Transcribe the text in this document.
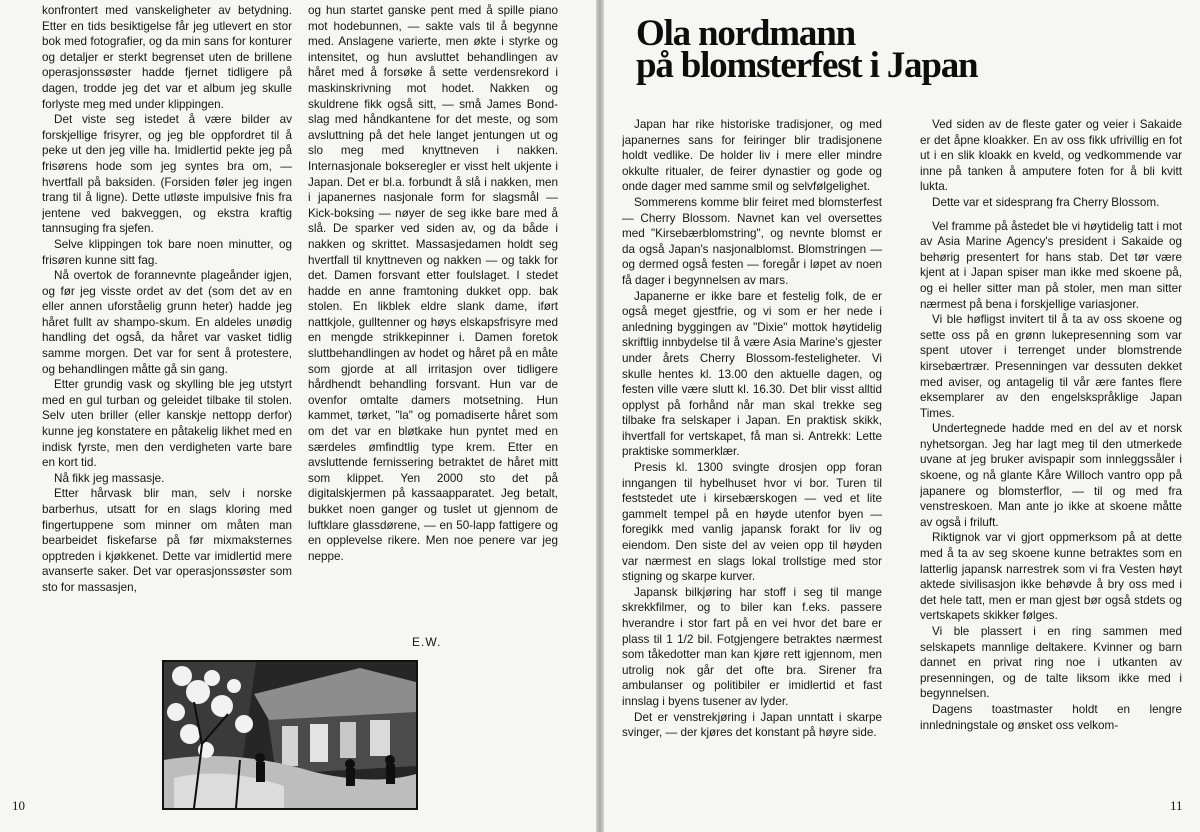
konfrontert med vanskeligheter av betydning. Etter en tids besiktigelse får jeg utlevert en stor bok med fotografier, og da min sans for konturer og detaljer er sterkt begrenset uten de brillene operasjonssøster hadde fjernet tidligere på dagen, trodde jeg det var et album jeg skulle forlyste meg med under klippingen.

Det viste seg istedet å være bilder av forskjellige frisyrer, og jeg ble oppfordret til å peke ut den jeg ville ha. Imidlertid pekte jeg på frisørens hode som jeg syntes bra om, — hvertfall på baksiden. (Forsiden føler jeg ingen trang til å ligne). Dette utløste impulsive fnis fra jentene ved bakveggen, og ekstra kraftig tannsuging fra sjefen.

Selve klippingen tok bare noen minutter, og frisøren kunne sitt fag.

Nå overtok de forannevnte plageånder igjen, og før jeg visste ordet av det (som det av en eller annen uforståelig grunn heter) hadde jeg håret fullt av shampo-skum. En aldeles unødig handling det også, da håret var vasket tidlig samme morgen. Det var for sent å protestere, og behandlingen måtte gå sin gang.

Etter grundig vask og skylling ble jeg utstyrt med en gul turban og geleidet tilbake til stolen. Selv uten briller (eller kanskje nettopp derfor) kunne jeg konstatere en påtakelig likhet med en indisk fyrste, men den verdigheten varte bare en kort tid.

Nå fikk jeg massasje.

Etter hårvask blir man, selv i norske barberhus, utsatt for en slags kloring med fingertuppene som minner om måten man bearbeidet fiskefarse på før mixmaksternes opptreden i kjøkkenet. Dette var imidlertid mere avanserte saker. Det var operasjonssøster som sto for massasjen,

og hun startet ganske pent med å spille piano mot hodebunnen, — sakte vals til å begynne med. Anslagene varierte, men økte i styrke og intensitet, og hun avsluttet behandlingen av håret med å forsøke å sette verdensrekord i maskinskrivning mot hodet. Nakken og skuldrene fikk også sitt, — små James Bond-slag med håndkantene for det meste, og som avsluttning på det hele langet jentungen ut og slo meg med knyttneven i nakken. Internasjonale bokseregler er visst helt ukjente i Japan. Det er bl.a. forbundt å slå i nakken, men i japanernes nasjonale form for slagsmål — Kick-boksing — nøyer de seg ikke bare med å slå. De sparker ved siden av, og da både i nakken og skrittet. Massasjedamen holdt seg hvertfall til knyttneven og nakken — og takk for det. Damen forsvant etter foulslaget. I stedet hadde en anne framtoning dukket opp. bak stolen. En likblek eldre slank dame, iført nattkjole, gulltenner og høys elskapsfrisyre med en mengde strikkepinner i. Damen foretok sluttbehandlingen av hodet og håret på en måte som gjorde at all irritasjon over tidligere hårdhendt behandling forsvant. Hun var de ovenfor omtalte damers motsetning. Hun kammet, tørket, "la" og pomadiserte håret som om det var en bløtkake hun pyntet med en særdeles ømfindtlig type krem. Etter en avsluttende fernissering betraktet de håret mitt som klippet. Yen 2000 sto det på digitalskjermen på kassaapparatet. Jeg betalt, bukket noen ganger og tuslet ut gjennom de luftklare glassdørene, — en 50-lapp fattigere og en opplevelse rikere. Men noe penere var jeg neppe.

E.W.
10
Ola nordmann
på blomsterfest i Japan

Japan har rike historiske tradisjoner, og med japanernes sans for feiringer blir tradisjonene holdt vedlike. De holder liv i mere eller mindre okkulte ritualer, de feirer dynastier og gode og onde dager med samme smil og selvfølgelighet.

Sommerens komme blir feiret med blomsterfest — Cherry Blossom. Navnet kan vel oversettes med "Kirsebærblomstring", og nevnte blomst er da også Japan's nasjonalblomst. Blomstringen — og dermed også festen — foregår i løpet av noen få dager i begynnelsen av mars.

Japanerne er ikke bare et festelig folk, de er også meget gjestfrie, og vi som er her nede i anledning byggingen av "Dixie" mottok høytidelig skriftlig innbydelse til å være Asia Marine's gjester under årets Cherry Blossom-festeligheter. Vi skulle hentes kl. 13.00 den aktuelle dagen, og festen ville være slutt kl. 16.30. Det blir visst alltid opplyst på forhånd når man skal trekke seg tilbake fra selskaper i Japan. En praktisk skikk, ihvertfall for vertskapet, få man si. Antrekk: Lette praktiske sommerklær.

Presis kl. 1300 svingte drosjen opp foran inngangen til hybelhuset hvor vi bor. Turen til feststedet ute i kirsebærskogen — ved et lite gammelt tempel på en høyde utenfor byen — foregikk med vanlig japansk forakt for liv og eiendom. Den siste del av veien opp til høyden var nærmest en slags lokal trollstige med stor stigning og skarpe kurver.

Japansk bilkjøring har stoff i seg til mange skrekkfilmer, og to biler kan f.eks. passere hverandre i stor fart på en vei hvor det bare er plass til 1 1/2 bil. Fotgjengere betraktes nærmest som tåkedotter man kan kjøre rett igjennom, men utrolig nok går det ofte bra. Sirener fra ambulanser og politibiler er imidlertid et fast innslag i byens tusener av lyder.

Det er venstrekjøring i Japan unntatt i skarpe svinger, — der kjøres det konstant på høyre side.

Ved siden av de fleste gater og veier i Sakaide er det åpne kloakker. En av oss fikk ufrivillig en fot ut i en slik kloakk en kveld, og vedkommende var inne på tanken å amputere foten for å bli kvitt lukta.

Dette var et sidesprang fra Cherry Blossom.

Vel framme på åstedet ble vi høytidelig tatt i mot av Asia Marine Agency's president i Sakaide og behørig presentert for hans stab. Det tør være kjent at i Japan spiser man ikke med skoene på, og ei heller sitter man på stoler, men man sitter nærmest på bena i forskjellige variasjoner.

Vi ble høfligst invitert til å ta av oss skoene og sette oss på en grønn lukepresenning som var spent utover i terrenget under blomstrende kirsebærtrær. Presenningen var dessuten dekket med aviser, og antagelig til vår ære fantes flere eksemplarer av den engelskspråklige Japan Times.

Undertegnede hadde med en del av et norsk nyhetsorgan. Jeg har lagt meg til den utmerkede uvane at jeg bruker avispapir som innleggssåler i skoene, og nå glante Kåre Willoch vantro opp på japanere og blomsterflor, — til og med fra venstreskoen. Man ante jo ikke at skoene måtte av også i friluft.

Riktignok var vi gjort oppmerksom på at dette med å ta av seg skoene kunne betraktes som en latterlig japansk narrestrek som vi fra Vesten høyt aktede sivilisasjon ikke behøvde å bry oss med i det hele tatt, men er man gjest bør også stdets og vertskapets skikker følges.

Vi ble plassert i en ring sammen med selskapets mannlige deltakere. Kvinner og barn dannet en privat ring noe i utkanten av presenningen, og de talte liksom ikke med i begynnelsen.

Dagens toastmaster holdt en lengre innledningstale og ønsket oss velkom-

11
